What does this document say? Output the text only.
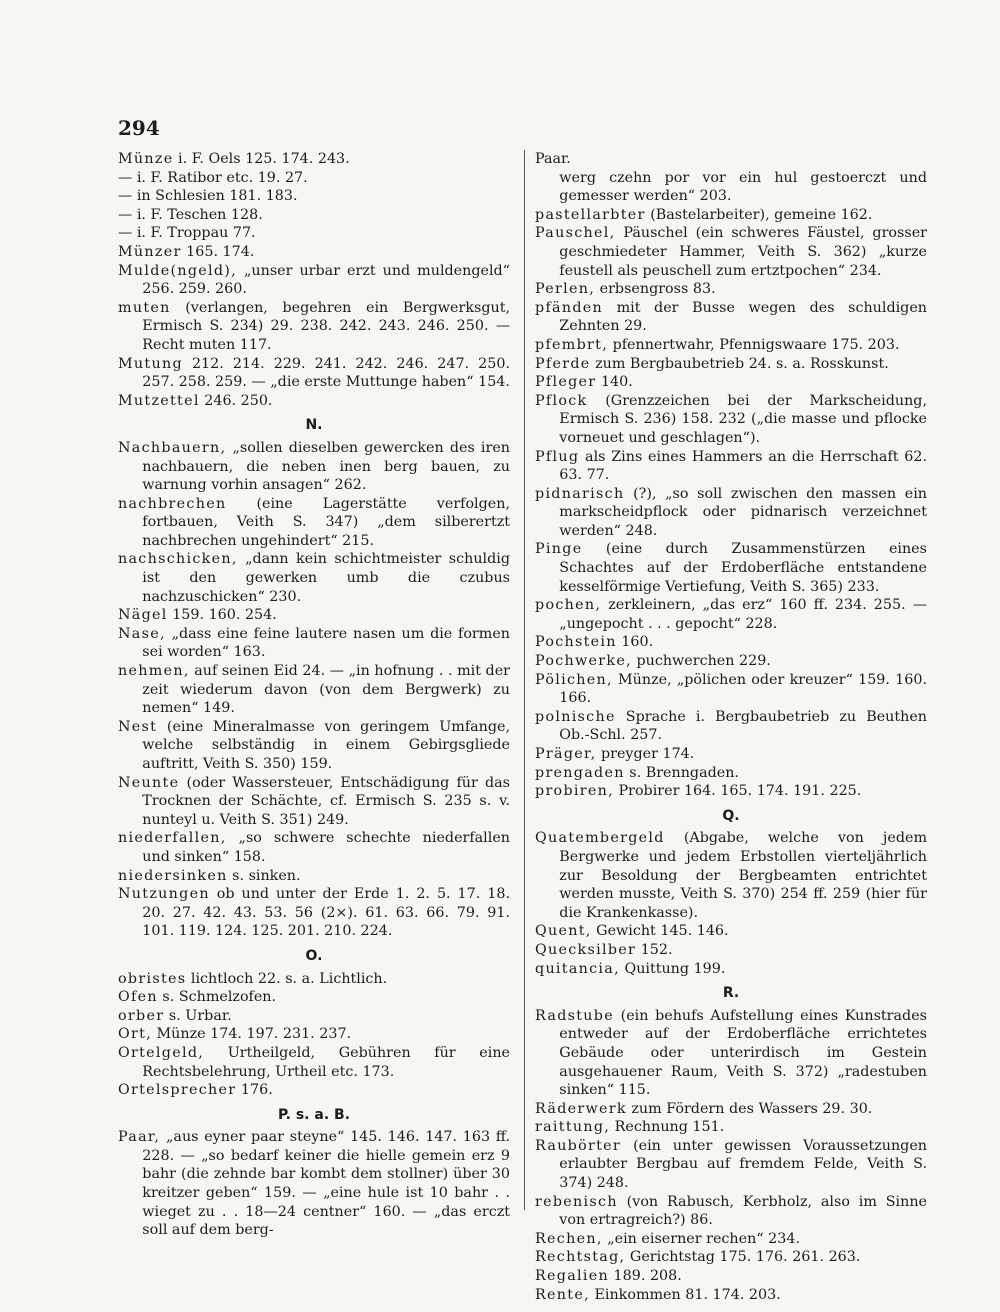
294
Münze i. F. Oels 125. 174. 243.
— i. F. Ratibor etc. 19. 27.
— in Schlesien 181. 183.
— i. F. Teschen 128.
— i. F. Troppau 77.
Münzer 165. 174.
Mulde(ngeld), „unser urbar erzt und muldengeld“ 256. 259. 260.
muten (verlangen, begehren ein Bergwerksgut, Ermisch S. 234) 29. 238. 242. 243. 246. 250. — Recht muten 117.
Mutung 212. 214. 229. 241. 242. 246. 247. 250. 257. 258. 259. — „die erste Muttunge haben“ 154.
Mutzettel 246. 250.
N.
Nachbauern, „sollen dieselben gewercken des iren nachbauern, die neben inen berg bauen, zu warnung vorhin ansagen“ 262.
nachbrechen (eine Lagerstätte verfolgen, fortbauen, Veith S. 347) „dem silberertzt nachbrechen ungehindert“ 215.
nachschicken, „dann kein schichtmeister schuldig ist den gewerken umb die czubus nachzuschicken“ 230.
Nägel 159. 160. 254.
Nase, „dass eine feine lautere nasen um die formen sei worden“ 163.
nehmen, auf seinen Eid 24. — „in hofnung . . mit der zeit wiederum davon (von dem Bergwerk) zu nemen“ 149.
Nest (eine Mineralmasse von geringem Umfange, welche selbständig in einem Gebirgsgliede auftritt, Veith S. 350) 159.
Neunte (oder Wassersteuer, Entschädigung für das Trocknen der Schächte, cf. Ermisch S. 235 s. v. nunteyl u. Veith S. 351) 249.
niederfallen, „so schwere schechte niederfallen und sinken“ 158.
niedersinken s. sinken.
Nutzungen ob und unter der Erde 1. 2. 5. 17. 18. 20. 27. 42. 43. 53. 56 (2×). 61. 63. 66. 79. 91. 101. 119. 124. 125. 201. 210. 224.
O.
obristes lichtloch 22. s. a. Lichtlich.
Ofen s. Schmelzofen.
orber s. Urbar.
Ort, Münze 174. 197. 231. 237.
Ortelgeld, Urtheilgeld, Gebühren für eine Rechtsbelehrung, Urtheil etc. 173.
Ortelsprecher 176.
P. s. a. B.
Paar, „aus eyner paar steyne“ 145. 146. 147. 163 ff. 228. — „so bedarf keiner die hielle gemein erz 9 bahr (die zehnde bar kombt dem stollner) über 30 kreitzer geben“ 159. — „eine hule ist 10 bahr . . wieget zu . . 18—24 centner“ 160. — „das erczt soll auf dem berg-
Paar.
werg czehn por vor ein hul gestoerczt und gemesser werden“ 203.
pastellarbter (Bastelarbeiter), gemeine 162.
Pauschel, Päuschel (ein schweres Fäustel, grosser geschmiedeter Hammer, Veith S. 362) „kurze feustell als peuschell zum ertztpochen“ 234.
Perlen, erbsengross 83.
pfänden mit der Busse wegen des schuldigen Zehnten 29.
pfembrt, pfennertwahr, Pfennigswaare 175. 203.
Pferde zum Bergbaubetrieb 24. s. a. Rosskunst.
Pfleger 140.
Pflock (Grenzzeichen bei der Markscheidung, Ermisch S. 236) 158. 232 („die masse und pflocke vorneuet und geschlagen“).
Pflug als Zins eines Hammers an die Herrschaft 62. 63. 77.
pidnarisch (?), „so soll zwischen den massen ein markscheidpflock oder pidnarisch verzeichnet werden“ 248.
Pinge (eine durch Zusammenstürzen eines Schachtes auf der Erdoberfläche entstandene kesselförmige Vertiefung, Veith S. 365) 233.
pochen, zerkleinern, „das erz“ 160 ff. 234. 255. — „ungepocht . . . gepocht“ 228.
Pochstein 160.
Pochwerke, puchwerchen 229.
Pölichen, Münze, „pölichen oder kreuzer“ 159. 160. 166.
polnische Sprache i. Bergbaubetrieb zu Beuthen Ob.-Schl. 257.
Präger, preyger 174.
prengaden s. Brenngaden.
probiren, Probirer 164. 165. 174. 191. 225.
Q.
Quatembergeld (Abgabe, welche von jedem Bergwerke und jedem Erbstollen vierteljährlich zur Besoldung der Bergbeamten entrichtet werden musste, Veith S. 370) 254 ff. 259 (hier für die Krankenkasse).
Quent, Gewicht 145. 146.
Quecksilber 152.
quitancia, Quittung 199.
R.
Radstube (ein behufs Aufstellung eines Kunstrades entweder auf der Erdoberfläche errichtetes Gebäude oder unterirdisch im Gestein ausgehauener Raum, Veith S. 372) „radestuben sinken“ 115.
Räderwerk zum Fördern des Wassers 29. 30.
raittung, Rechnung 151.
Raubörter (ein unter gewissen Voraussetzungen erlaubter Bergbau auf fremdem Felde, Veith S. 374) 248.
rebenisch (von Rabusch, Kerbholz, also im Sinne von ertragreich?) 86.
Rechen, „ein eiserner rechen“ 234.
Rechtstag, Gerichtstag 175. 176. 261. 263.
Regalien 189. 208.
Rente, Einkommen 81. 174. 203.
